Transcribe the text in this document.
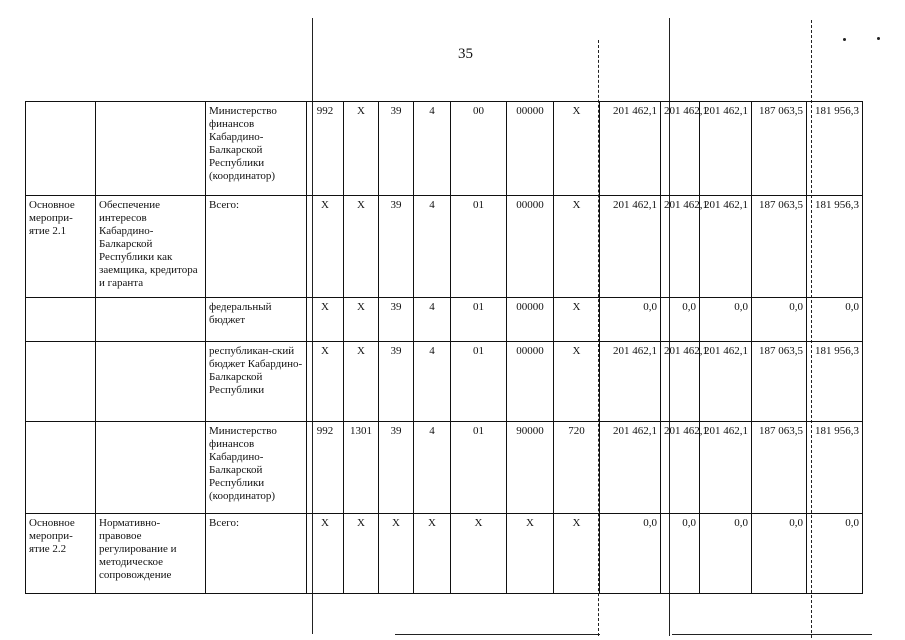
35
		Министерство финансов Кабардино-Балкарской Республики (координатор)	992	X	39	4	00	00000	X	201 462,1	201 462,1	201 462,1	187 063,5	181 956,3
Основное меропри-ятие 2.1	Обеспечение интересов Кабардино-Балкарской Республики как заемщика, кредитора и гаранта	Всего:	X	X	39	4	01	00000	X	201 462,1	201 462,1	201 462,1	187 063,5	181 956,3
		федеральный бюджет	X	X	39	4	01	00000	X	0,0	0,0	0,0	0,0	0,0
		республикан-ский бюджет Кабардино-Балкарской Республики	X	X	39	4	01	00000	X	201 462,1	201 462,1	201 462,1	187 063,5	181 956,3
		Министерство финансов Кабардино-Балкарской Республики (координатор)	992	1301	39	4	01	90000	720	201 462,1	201 462,1	201 462,1	187 063,5	181 956,3
Основное меропри-ятие 2.2	Нормативно-правовое регулирование и методическое сопровождение	Всего:	X	X	X	X	X	X	X	0,0	0,0	0,0	0,0	0,0
